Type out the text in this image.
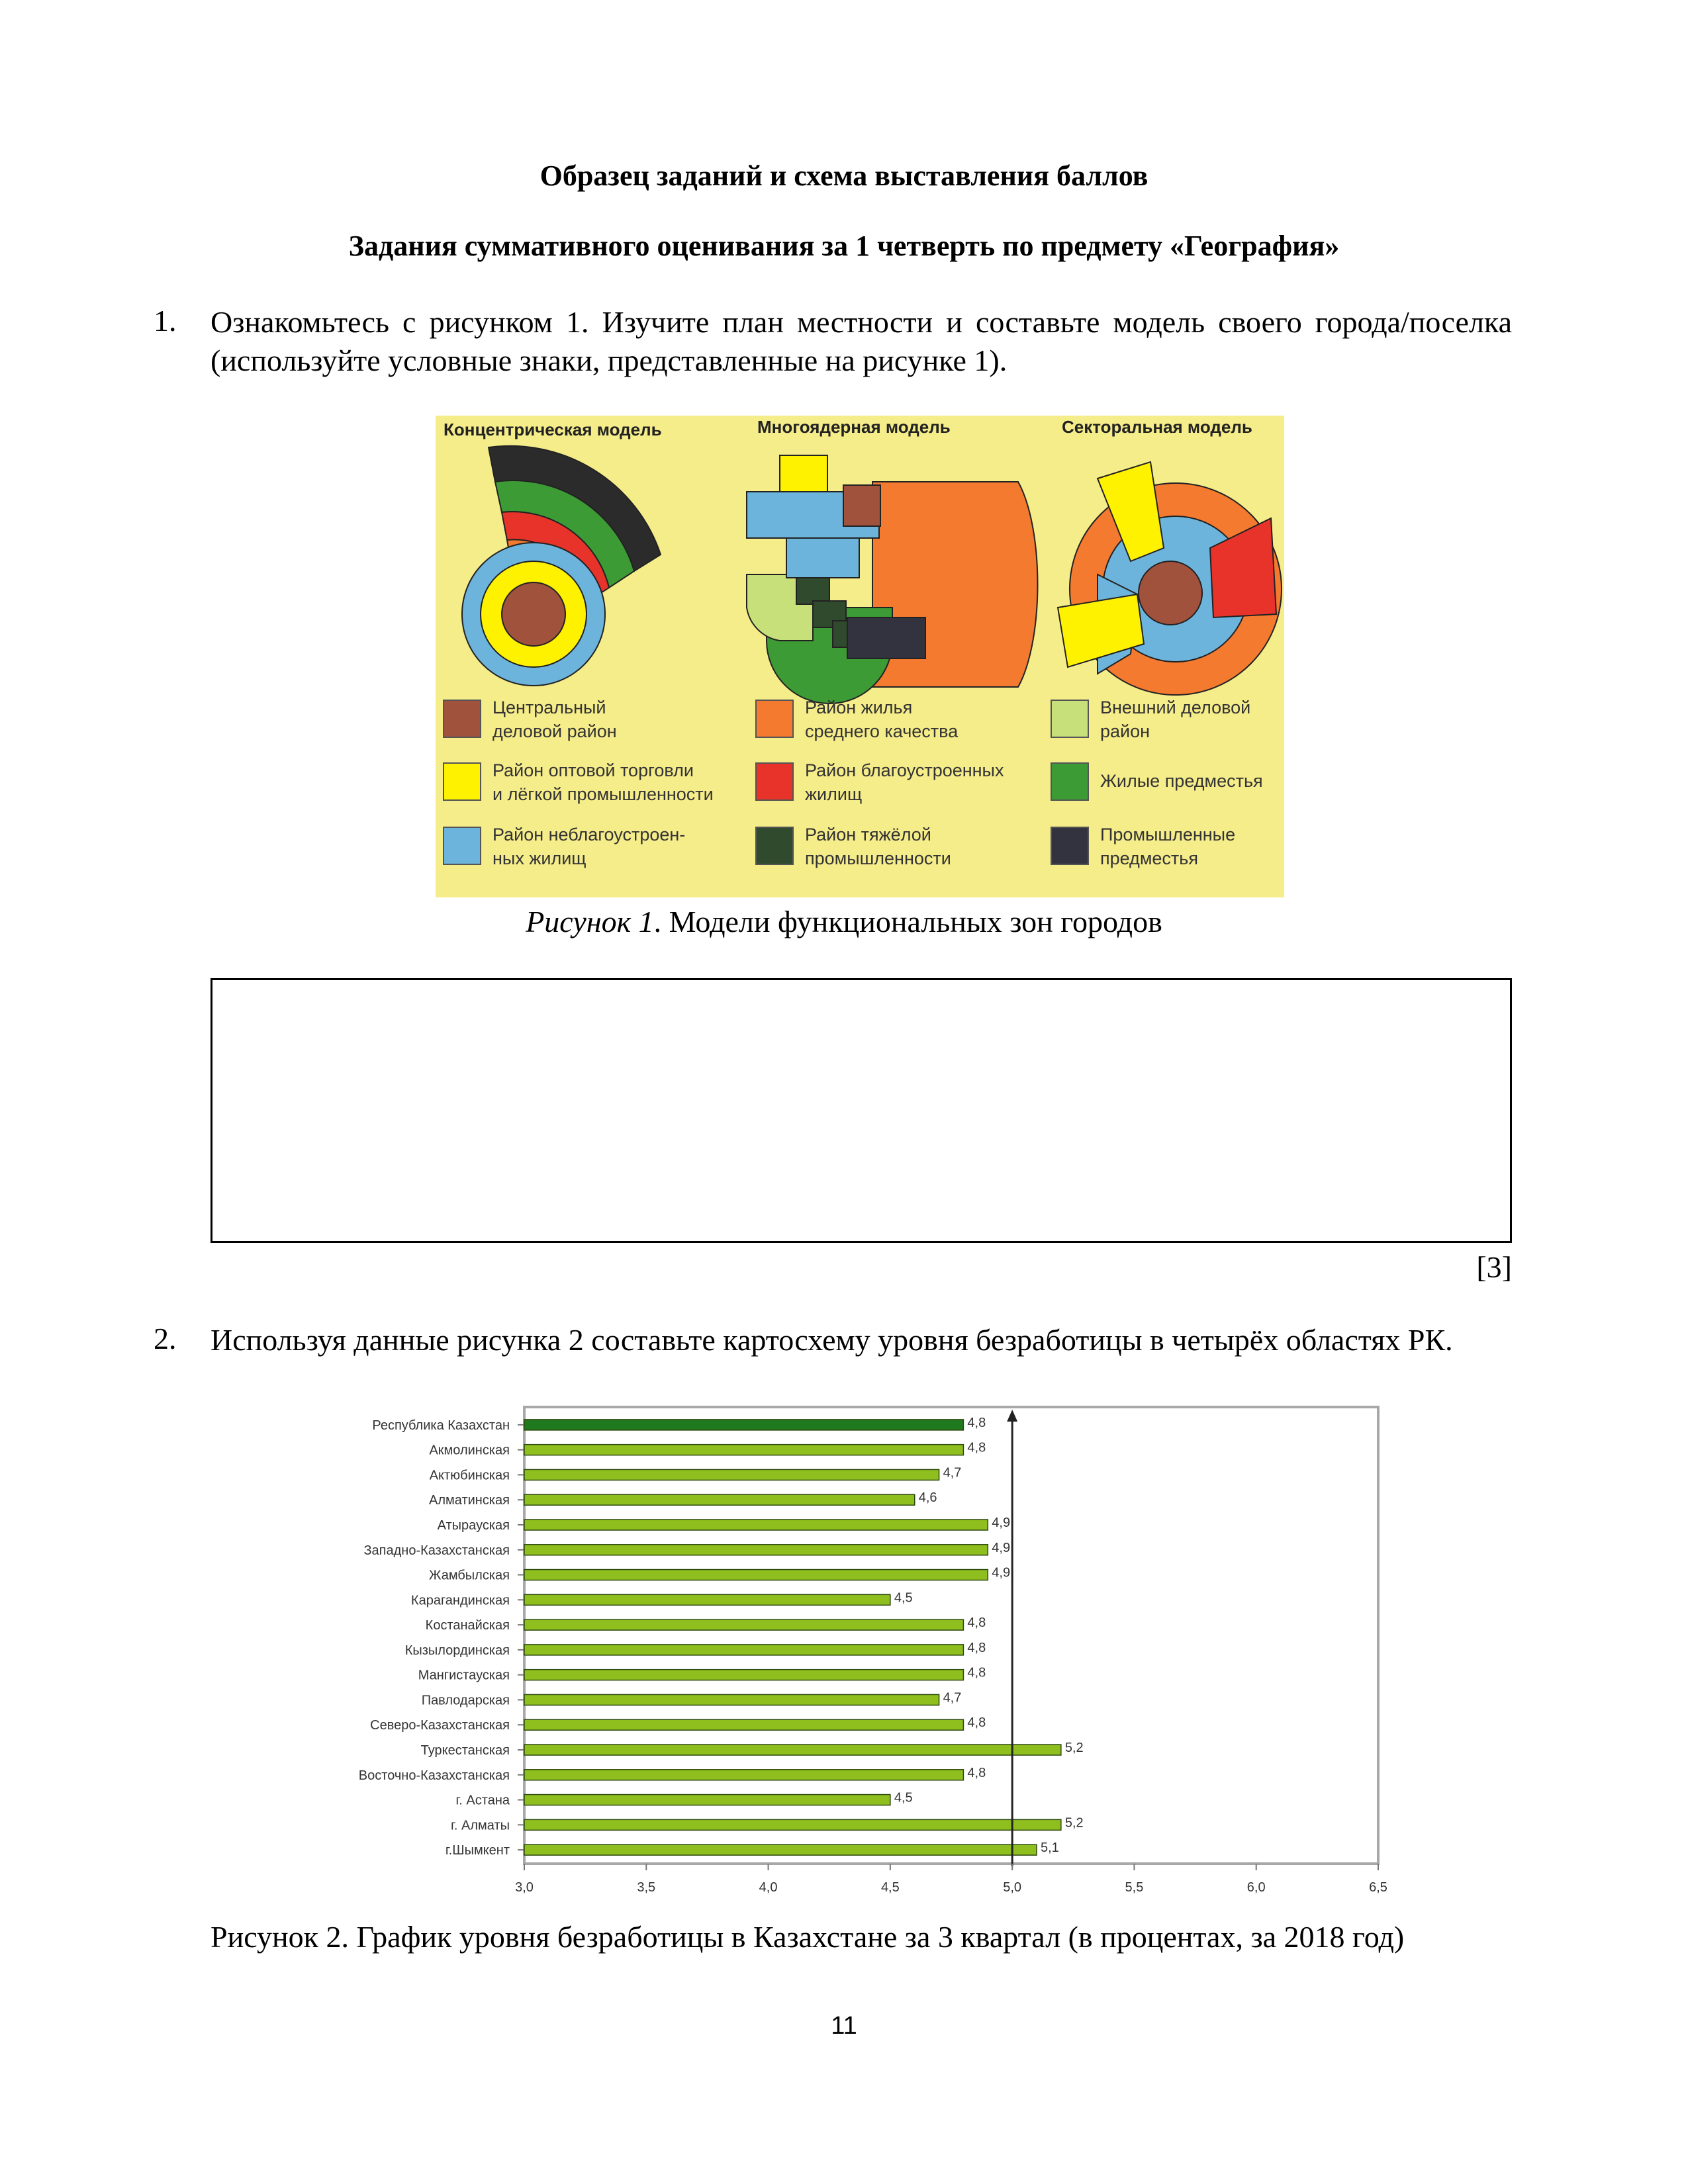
Образец заданий и схема выставления баллов
Задания суммативного оценивания за 1 четверть по предмету «География»
1. Ознакомьтесь с рисунком 1. Изучите план местности и составьте модель своего города/поселка (используйте условные знаки, представленные на рисунке 1).
Концентрическая модель	Многоядерная модель	Секторальная модель
Центральный
деловой район
Район оптовой торговли
и лёгкой промышленности
Район неблагоустроен-
ных жилищ
Район жилья
среднего качества
Район благоустроенных
жилищ
Район тяжёлой
промышленности
Внешний деловой
район
Жилые предместья
Промышленные
предместья
Рисунок 1. Модели функциональных зон городов
[3]
2. Используя данные рисунка 2 составьте картосхему уровня безработицы в четырёх областях РК.
Республика Казахстан	4,8
Акмолинская	4,8
Актюбинская	4,7
Алматинская	4,6
Атырауская	4,9
Западно-Казахстанская	4,9
Жамбылская	4,9
Карагандинская	4,5
Костанайская	4,8
Кызылординская	4,8
Мангистауская	4,8
Павлодарская	4,7
Северо-Казахстанская	4,8
Туркестанская	5,2
Восточно-Казахстанская	4,8
г. Астана	4,5
г. Алматы	5,2
г.Шымкент	5,1
3,0	3,5	4,0	4,5	5,0	5,5	6,0	6,5
Рисунок 2. График уровня безработицы в Казахстане за 3 квартал (в процентах, за 2018 год)
11
